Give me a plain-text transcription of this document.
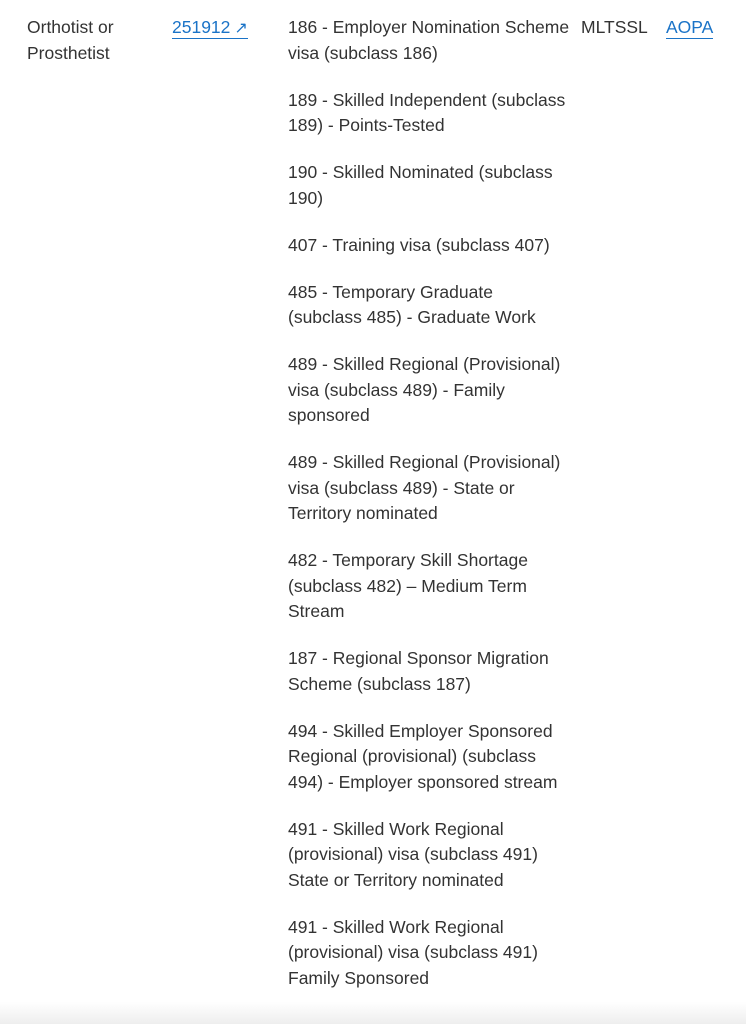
Orthotist or Prosthetist
251912 ↗ 186 - Employer Nomination Scheme visa (subclass 186)
189 - Skilled Independent (subclass 189) - Points-Tested
190 - Skilled Nominated (subclass 190)
407 - Training visa (subclass 407)
485 - Temporary Graduate (subclass 485) - Graduate Work
489 - Skilled Regional (Provisional) visa (subclass 489) - Family sponsored
489 - Skilled Regional (Provisional) visa (subclass 489) - State or Territory nominated
482 - Temporary Skill Shortage (subclass 482) – Medium Term Stream
187 - Regional Sponsor Migration Scheme (subclass 187)
494 - Skilled Employer Sponsored Regional (provisional) (subclass 494) - Employer sponsored stream
491 - Skilled Work Regional (provisional) visa (subclass 491) State or Territory nominated
491 - Skilled Work Regional (provisional) visa (subclass 491) Family Sponsored
MLTSSL AOPA
